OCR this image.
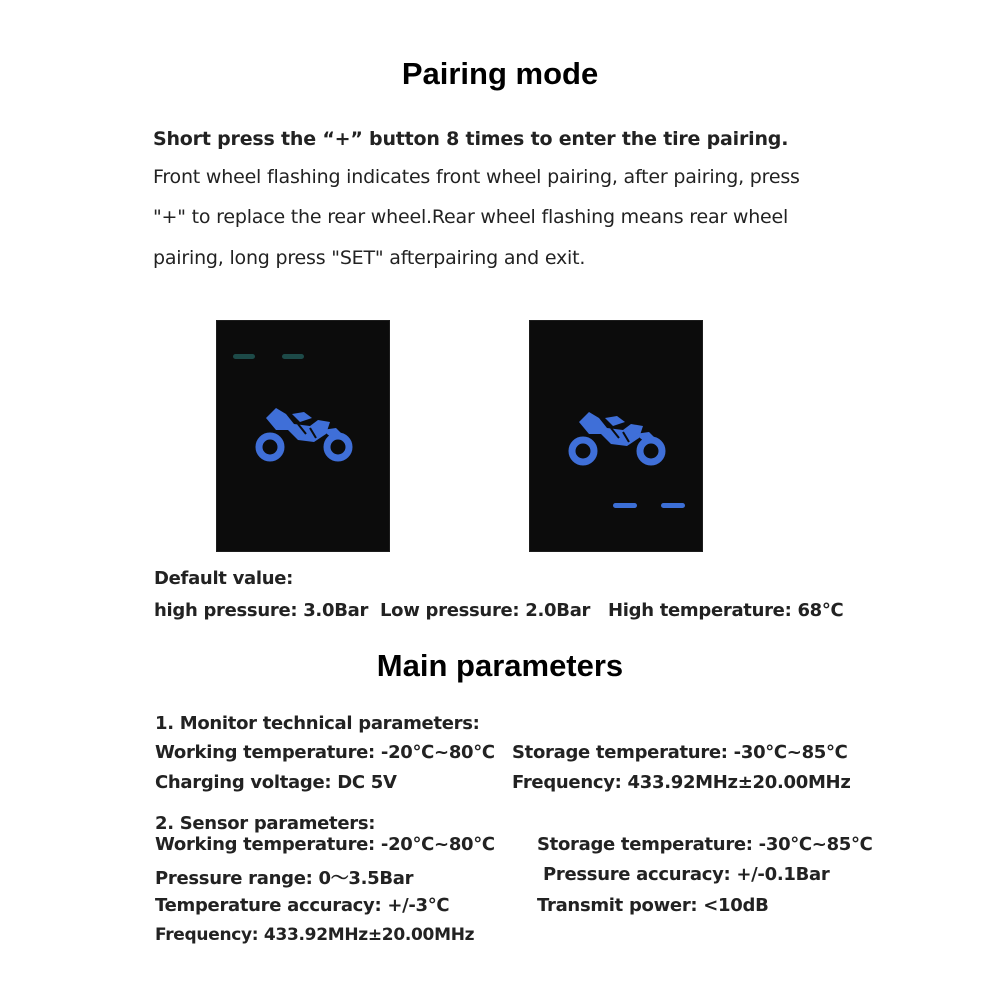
Pairing mode
Short press the “+” button 8 times to enter the tire pairing.
Front wheel flashing indicates front wheel pairing, after pairing, press
"+" to replace the rear wheel.Rear wheel flashing means rear wheel
pairing, long press "SET" afterpairing and exit.
Default value:
high pressure: 3.0Bar Low pressure: 2.0Bar High temperature: 68℃
Main parameters
1. Monitor technical parameters:
Working temperature: -20℃~80℃ Storage temperature: -30℃~85℃
Charging voltage: DC 5V	Frequency: 433.92MHz±20.00MHz
2. Sensor parameters:
Working temperature: -20℃~80℃ Storage temperature: -30℃~85℃
Pressure range: 0～3.5Bar	Pressure accuracy: +/-0.1Bar
Temperature accuracy: +/-3℃	Transmit power: <10dB
Frequency: 433.92MHz±20.00MHz
